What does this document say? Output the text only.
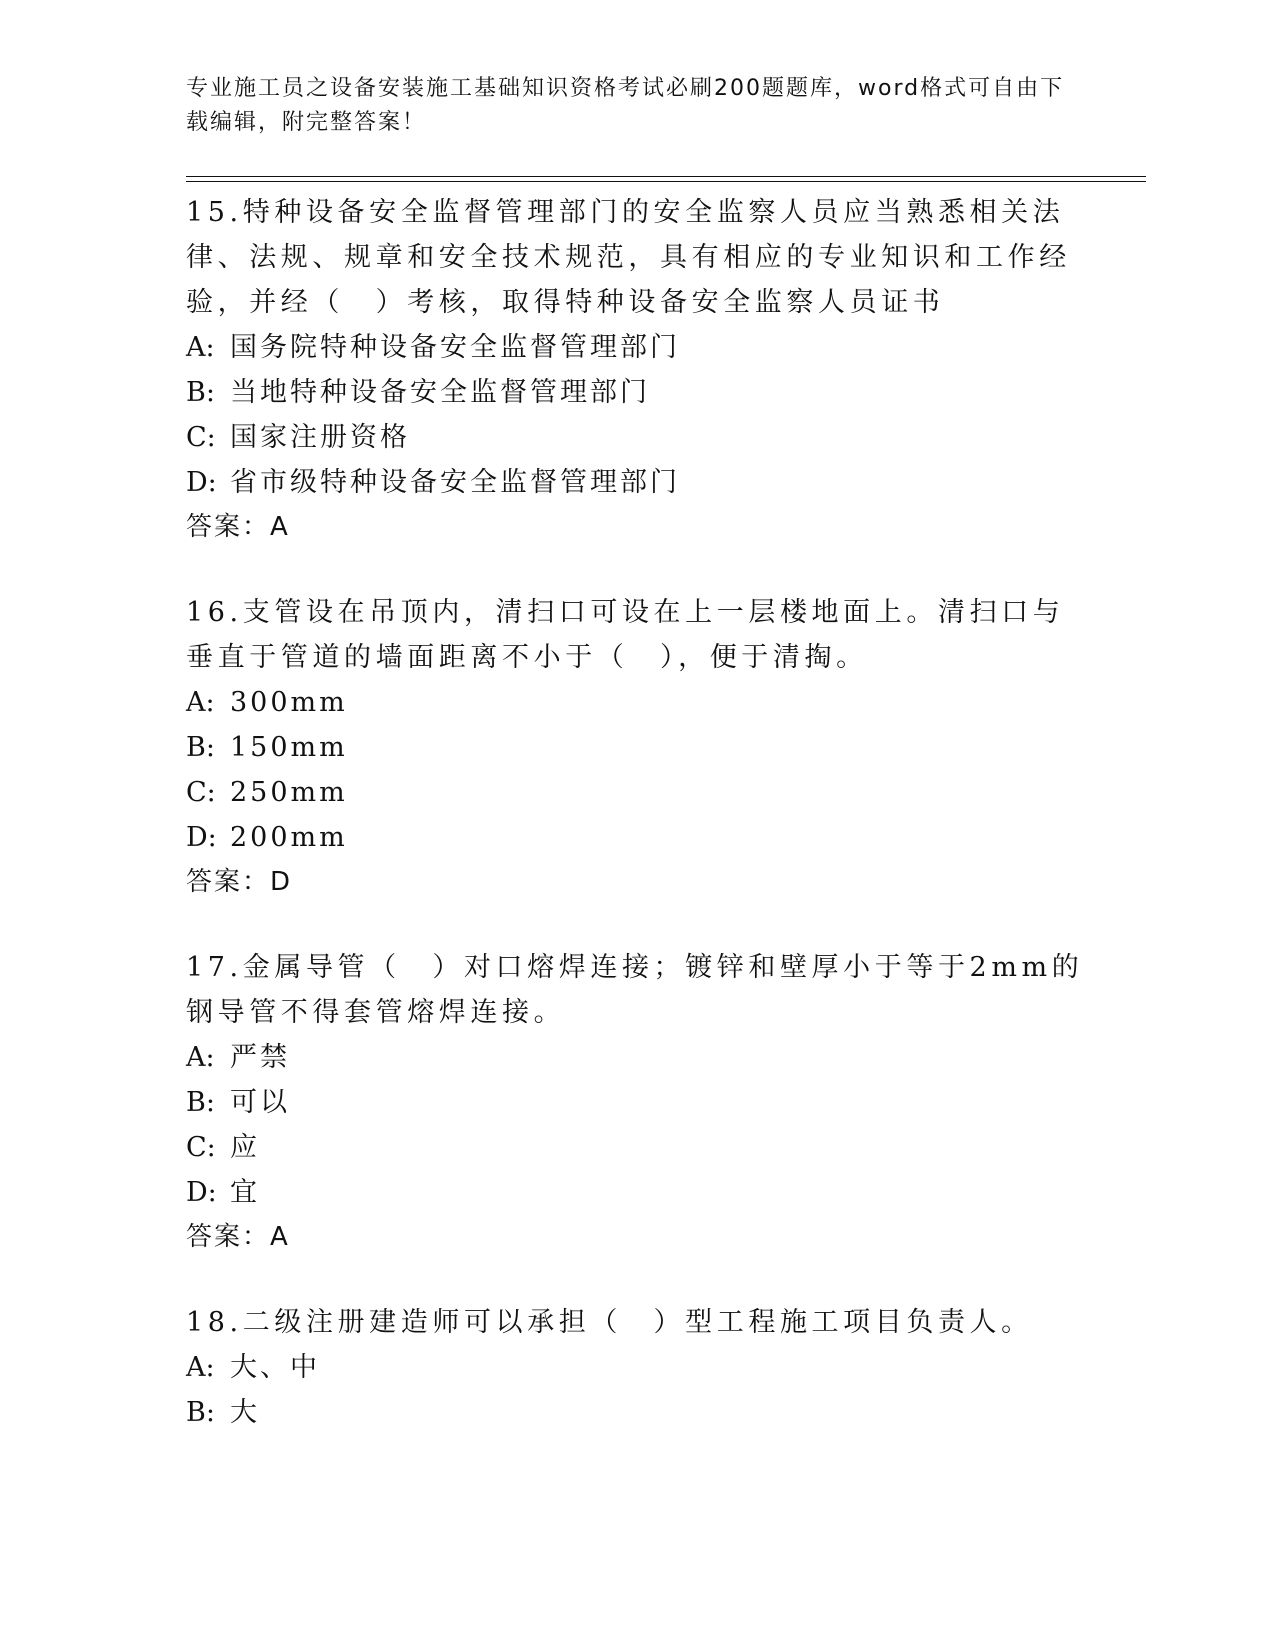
专业施工员之设备安装施工基础知识资格考试必刷200题题库，word格式可自由下载编辑，附完整答案！
15.特种设备安全监督管理部门的安全监察人员应当熟悉相关法律、法规、规章和安全技术规范，具有相应的专业知识和工作经验，并经（　）考核，取得特种设备安全监察人员证书
A: 国务院特种设备安全监督管理部门
B: 当地特种设备安全监督管理部门
C: 国家注册资格
D: 省市级特种设备安全监督管理部门
答案：A
16.支管设在吊顶内，清扫口可设在上一层楼地面上。清扫口与垂直于管道的墙面距离不小于（　），便于清掏。
A: 300mm
B: 150mm
C: 250mm
D: 200mm
答案：D
17.金属导管（　）对口熔焊连接；镀锌和壁厚小于等于2mm的钢导管不得套管熔焊连接。
A: 严禁
B: 可以
C: 应
D: 宜
答案：A
18.二级注册建造师可以承担（　）型工程施工项目负责人。
A: 大、中
B: 大
